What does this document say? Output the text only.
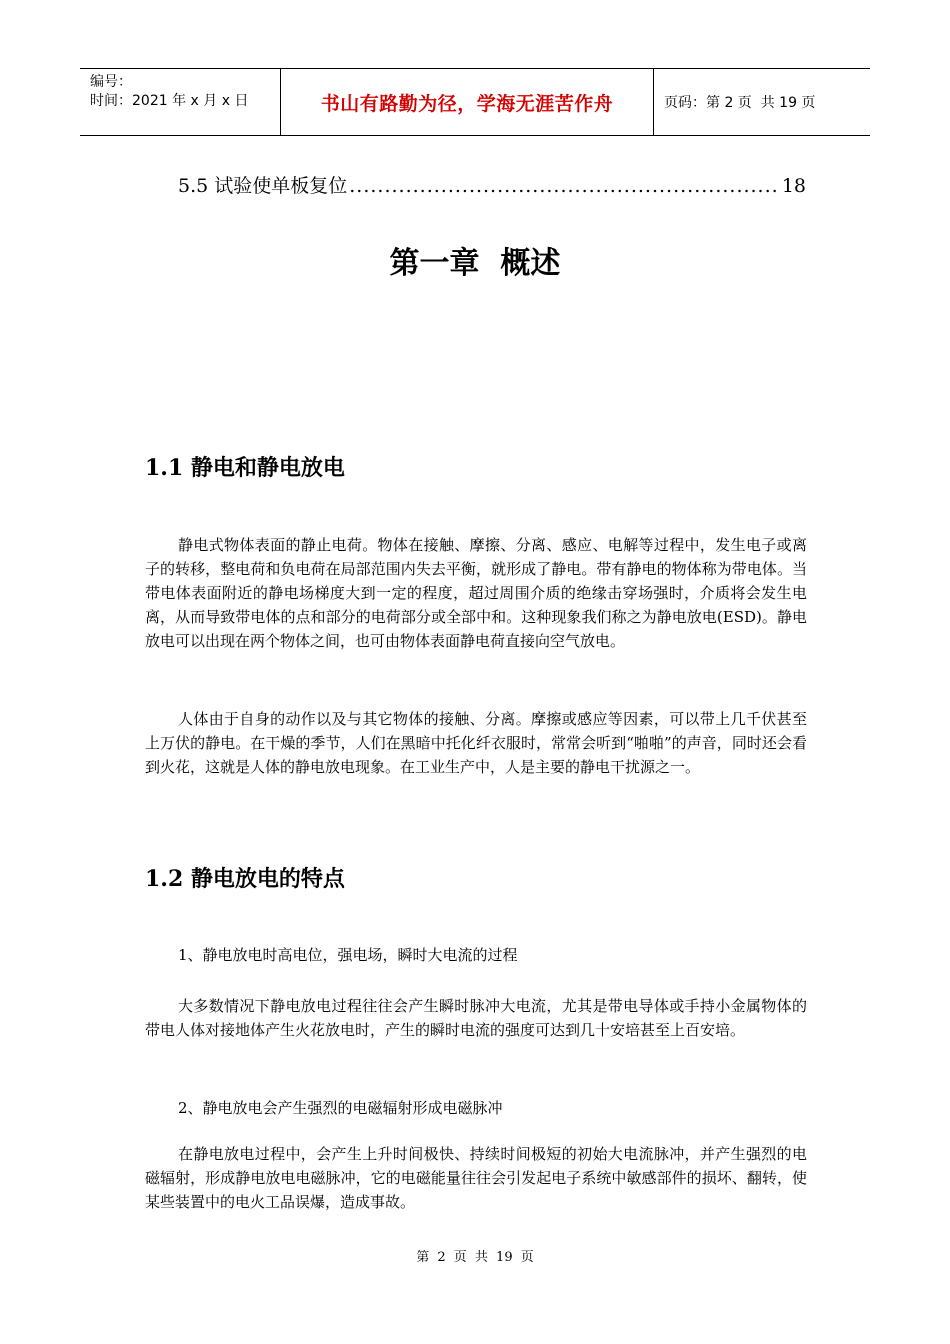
编号：
时间：2021 年 x 月 x 日	书山有路勤为径，学海无涯苦作舟	页码：第 2 页  共 19 页
5.5 试验使单板复位
.....	18
第一章  概述
1.1 静电和静电放电

静电式物体表面的静止电荷。物体在接触、摩擦、分离、感应、电解等过程中，发生电子或离子的转移，整电荷和负电荷在局部范围内失去平衡，就形成了静电。带有静电的物体称为带电体。当带电体表面附近的静电场梯度大到一定的程度，超过周围介质的绝缘击穿场强时，介质将会发生电离，从而导致带电体的点和部分的电荷部分或全部中和。这种现象我们称之为静电放电(ESD)。静电放电可以出现在两个物体之间，也可由物体表面静电荷直接向空气放电。

人体由于自身的动作以及与其它物体的接触、分离。摩擦或感应等因素，可以带上几千伏甚至上万伏的静电。在干燥的季节，人们在黑暗中托化纤衣服时，常常会听到“啪啪”的声音，同时还会看到火花，这就是人体的静电放电现象。在工业生产中，人是主要的静电干扰源之一。

1.2 静电放电的特点

1、静电放电时高电位，强电场，瞬时大电流的过程

大多数情况下静电放电过程往往会产生瞬时脉冲大电流，尤其是带电导体或手持小金属物体的带电人体对接地体产生火花放电时，产生的瞬时电流的强度可达到几十安培甚至上百安培。

2、静电放电会产生强烈的电磁辐射形成电磁脉冲

在静电放电过程中，会产生上升时间极快、持续时间极短的初始大电流脉冲，并产生强烈的电磁辐射，形成静电放电电磁脉冲，它的电磁能量往往会引发起电子系统中敏感部件的损坏、翻转，使某些装置中的电火工品误爆，造成事故。

第 2 页 共 19 页
